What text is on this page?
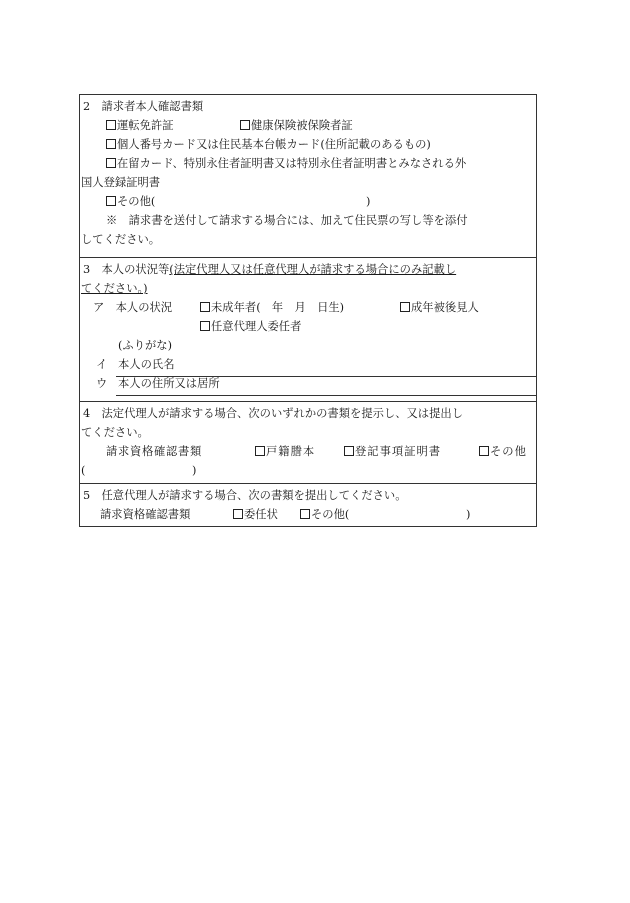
2　請求者本人確認書類
運転免許証	健康保険被保険者証
個人番号カード又は住民基本台帳カード(住所記載のあるもの)
在留カード、特別永住者証明書又は特別永住者証明書とみなされる外
国人登録証明書
その他(	)
※　請求書を送付して請求する場合には、加えて住民票の写し等を添付
してください。
3　本人の状況等(法定代理人又は任意代理人が請求する場合にのみ記載し
てください。)
ア　本人の状況	未成年者(　年　月　日生)	成年被後見人
任意代理人委任者
(ふりがな)
イ 本人の氏名
ウ 本人の住所又は居所
4　法定代理人が請求する場合、次のいずれかの書類を提示し、又は提出し
てください。
請求資格確認書類	戸籍謄本	登記事項証明書	その他
(	)
5　任意代理人が請求する場合、次の書類を提出してください。
請求資格確認書類	委任状	その他(	)
